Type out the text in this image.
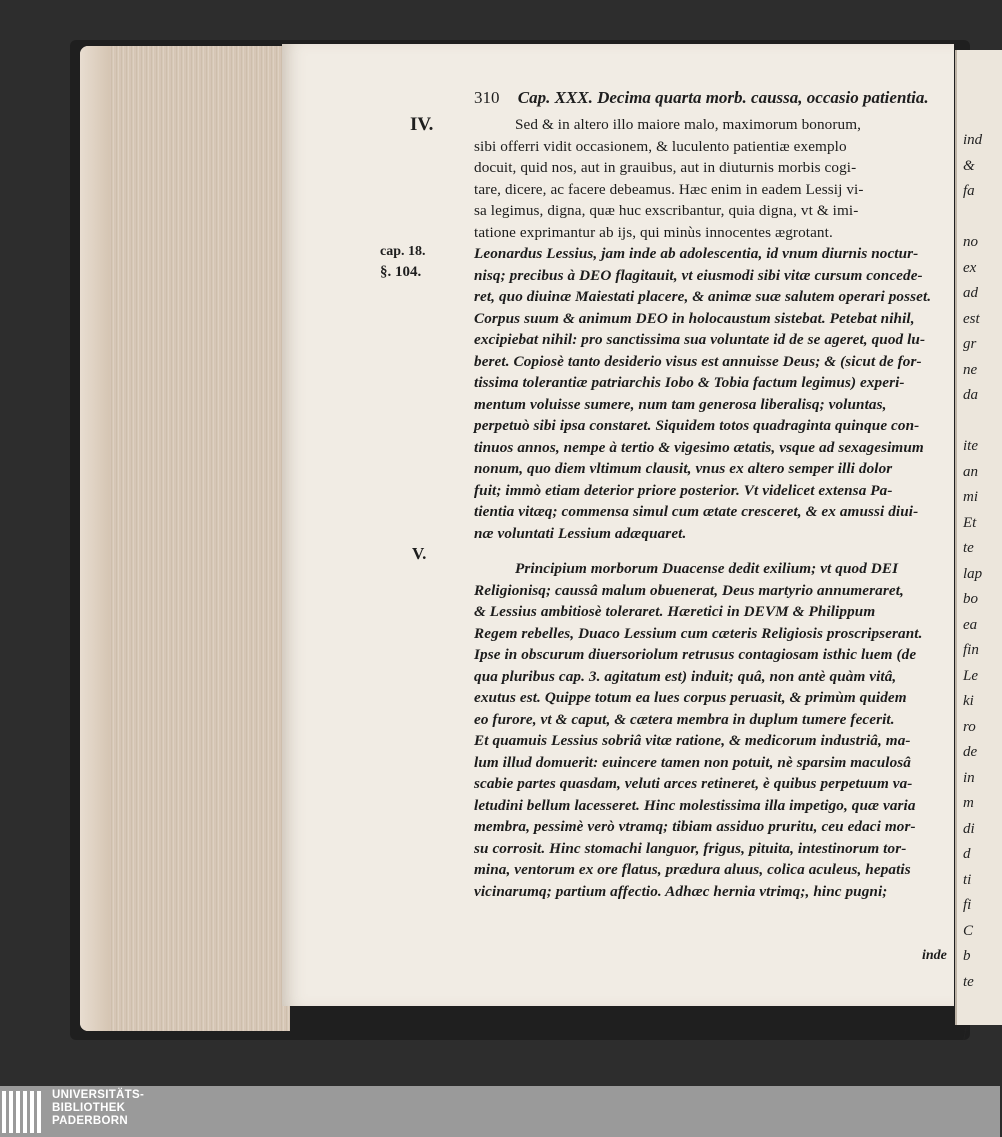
310 Cap. XXX. Decima quarta morb. caussa, occasio patientia.
IV.
cap. 18.
§. 104.
V.
Sed & in altero illo maiore malo, maximorum bonorum,
sibi offerri vidit occasionem, & luculento patientiæ exemplo
docuit, quid nos, aut in grauibus, aut in diuturnis morbis cogi-
tare, dicere, ac facere debeamus. Hæc enim in eadem Lessij vi-
sa legimus, digna, quæ huc exscribantur, quia digna, vt & imi-
tatione exprimantur ab ijs, qui minùs innocentes ægrotant.
Leonardus Lessius, jam inde ab adolescentia, id vnum diurnis noctur-
nisq; precibus à DEO flagitauit, vt eiusmodi sibi vitæ cursum concede-
ret, quo diuinæ Maiestati placere, & animæ suæ salutem operari posset.
Corpus suum & animum DEO in holocaustum sistebat. Petebat nihil,
excipiebat nihil: pro sanctissima sua voluntate id de se ageret, quod lu-
beret. Copiosè tanto desiderio visus est annuisse Deus; & (sicut de for-
tissima tolerantiæ patriarchis Iobo & Tobia factum legimus) experi-
mentum voluisse sumere, num tam generosa liberalisq; voluntas,
perpetuò sibi ipsa constaret. Siquidem totos quadraginta quinque con-
tinuos annos, nempe à tertio & vigesimo ætatis, vsque ad sexagesimum
nonum, quo diem vltimum clausit, vnus ex altero semper illi dolor
fuit; immò etiam deterior priore posterior. Vt videlicet extensa Pa-
tientia vitæq; commensa simul cum ætate cresceret, & ex amussi diui-
næ voluntati Lessium adæquaret.
Principium morborum Duacense dedit exilium; vt quod DEI
Religionisq; caussâ malum obuenerat, Deus martyrio annumeraret,
& Lessius ambitiosè toleraret. Hæretici in DEVM & Philippum
Regem rebelles, Duaco Lessium cum cæteris Religiosis proscripserant.
Ipse in obscurum diuersoriolum retrusus contagiosam isthic luem (de
qua pluribus cap. 3. agitatum est) induit; quâ, non antè quàm vitâ,
exutus est. Quippe totum ea lues corpus peruasit, & primùm quidem
eo furore, vt & caput, & cætera membra in duplum tumere fecerit.
Et quamuis Lessius sobriâ vitæ ratione, & medicorum industriâ, ma-
lum illud domuerit: euincere tamen non potuit, nè sparsim maculosâ
scabie partes quasdam, veluti arces retineret, è quibus perpetuum va-
letudini bellum lacesseret. Hinc molestissima illa impetigo, quæ varia
membra, pessimè verò vtramq; tibiam assiduo pruritu, ceu edaci mor-
su corrosit. Hinc stomachi languor, frigus, pituita, intestinorum tor-
mina, ventorum ex ore flatus, prædura aluus, colica aculeus, hepatis
vicinarumq; partium affectio. Adhæc hernia vtrimq;, hinc pugni;
inde
ind
&
fa
no
ex
ad
est
gr
ne
da
ite
an
mi
Et
te
lap
bo
ea
fin
Le
ki
ro
de
in
m
di
d
ti
fi
C
b
te
f
UNIVERSITÄTS-
BIBLIOTHEK
PADERBORN
